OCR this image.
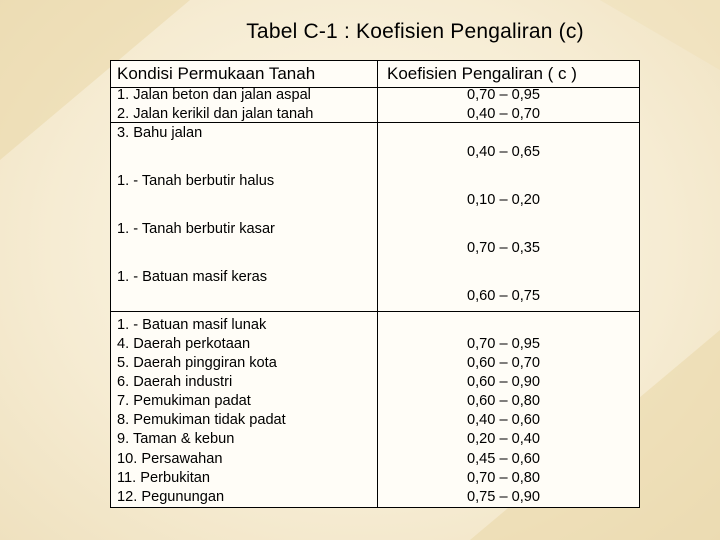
Tabel C-1 : Koefisien Pengaliran (c)
Kondisi Permukaan Tanah	Koefisien Pengaliran ( c )
1. Jalan beton dan jalan aspal
2. Jalan kerikil dan jalan tanah
3. Bahu jalan
1. - Tanah berbutir halus
1. - Tanah berbutir kasar
1. - Batuan masif keras
1. - Batuan masif lunak
4. Daerah perkotaan
5. Daerah pinggiran kota
6. Daerah industri
7. Pemukiman padat
8. Pemukiman tidak padat
9. Taman & kebun
10. Persawahan
11. Perbukitan
12. Pegunungan
0,70 – 0,95
0,40 – 0,70
0,40 – 0,65
0,10 – 0,20
0,70 – 0,35
0,60 – 0,75
0,70 – 0,95
0,60 – 0,70
0,60 – 0,90
0,60 – 0,80
0,40 – 0,60
0,20 – 0,40
0,45 – 0,60
0,70 – 0,80
0,75 – 0,90
